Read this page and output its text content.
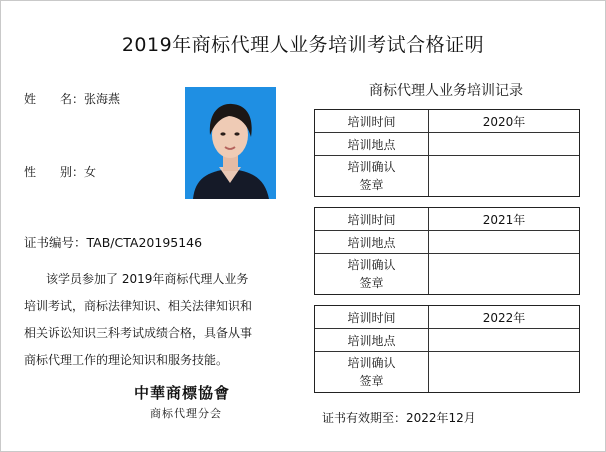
2019年商标代理人业务培训考试合格证明
姓　　名：张海燕
性　　别：女
证书编号：TAB/CTA20195146
该学员参加了 2019年商标代理人业务
培训考试，商标法律知识、相关法律知识和
相关诉讼知识三科考试成绩合格，具备从事
商标代理工作的理论知识和服务技能。
中華商標協會
商标代理分会
商标代理人业务培训记录
培训时间	2020年
培训地点	

培训确认
签章	

培训时间	2021年
培训地点	

培训确认
签章	

培训时间	2022年
培训地点	

培训确认
签章	

证书有效期至：2022年12月
